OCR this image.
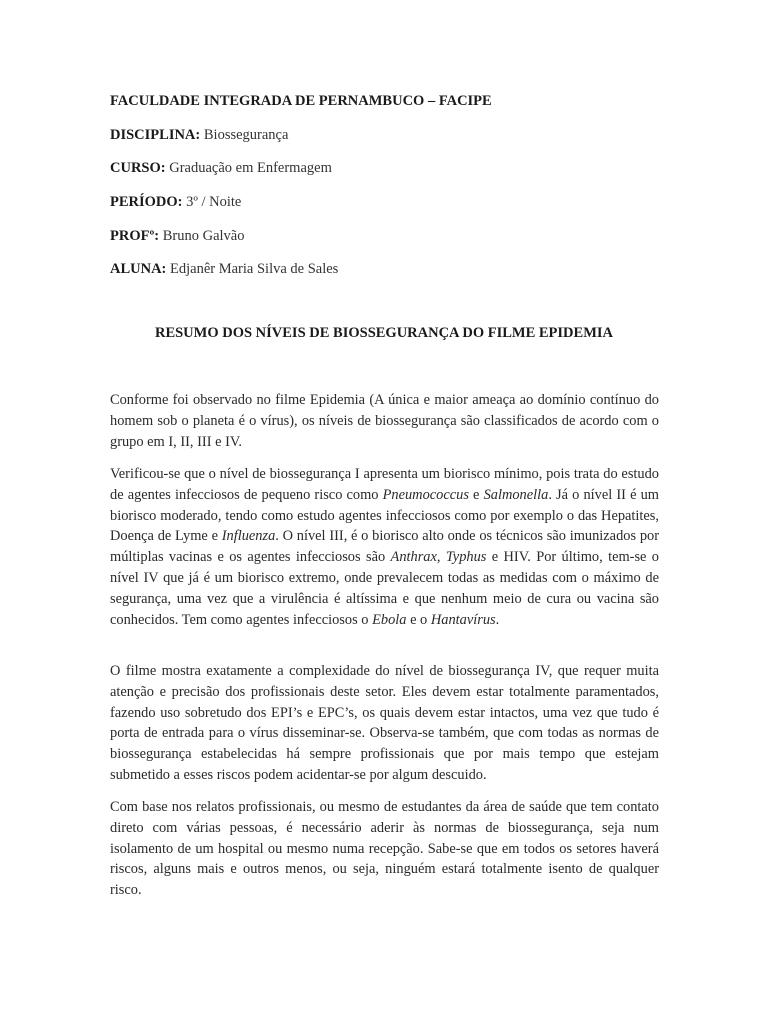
FACULDADE INTEGRADA DE PERNAMBUCO – FACIPE
DISCIPLINA: Biossegurança
CURSO: Graduação em Enfermagem
PERÍODO: 3º / Noite
PROFº: Bruno Galvão
ALUNA: Edjanêr Maria Silva de Sales
RESUMO DOS NÍVEIS DE BIOSSEGURANÇA DO FILME EPIDEMIA

Conforme foi observado no filme Epidemia (A única e maior ameaça ao domínio contínuo do homem sob o planeta é o vírus), os níveis de biossegurança são classificados de acordo com o grupo em I, II, III e IV.

Verificou-se que o nível de biossegurança I apresenta um biorisco mínimo, pois trata do estudo de agentes infecciosos de pequeno risco como Pneumococcus e Salmonella. Já o nível II é um biorisco moderado, tendo como estudo agentes infecciosos como por exemplo o das Hepatites, Doença de Lyme e Influenza. O nível III, é o biorisco alto onde os técnicos são imunizados por múltiplas vacinas e os agentes infecciosos são Anthrax, Typhus e HIV. Por último, tem-se o nível IV que já é um biorisco extremo, onde prevalecem todas as medidas com o máximo de segurança, uma vez que a virulência é altíssima e que nenhum meio de cura ou vacina são conhecidos. Tem como agentes infecciosos o Ebola e o Hantavírus.

O filme mostra exatamente a complexidade do nível de biossegurança IV, que requer muita atenção e precisão dos profissionais deste setor. Eles devem estar totalmente paramentados, fazendo uso sobretudo dos EPI’s e EPC’s, os quais devem estar intactos, uma vez que tudo é porta de entrada para o vírus disseminar-se. Observa-se também, que com todas as normas de biossegurança estabelecidas há sempre profissionais que por mais tempo que estejam submetido a esses riscos podem acidentar-se por algum descuido.

Com base nos relatos profissionais, ou mesmo de estudantes da área de saúde que tem contato direto com várias pessoas, é necessário aderir às normas de biossegurança, seja num isolamento de um hospital ou mesmo numa recepção. Sabe-se que em todos os setores haverá riscos, alguns mais e outros menos, ou seja, ninguém estará totalmente isento de qualquer risco.
